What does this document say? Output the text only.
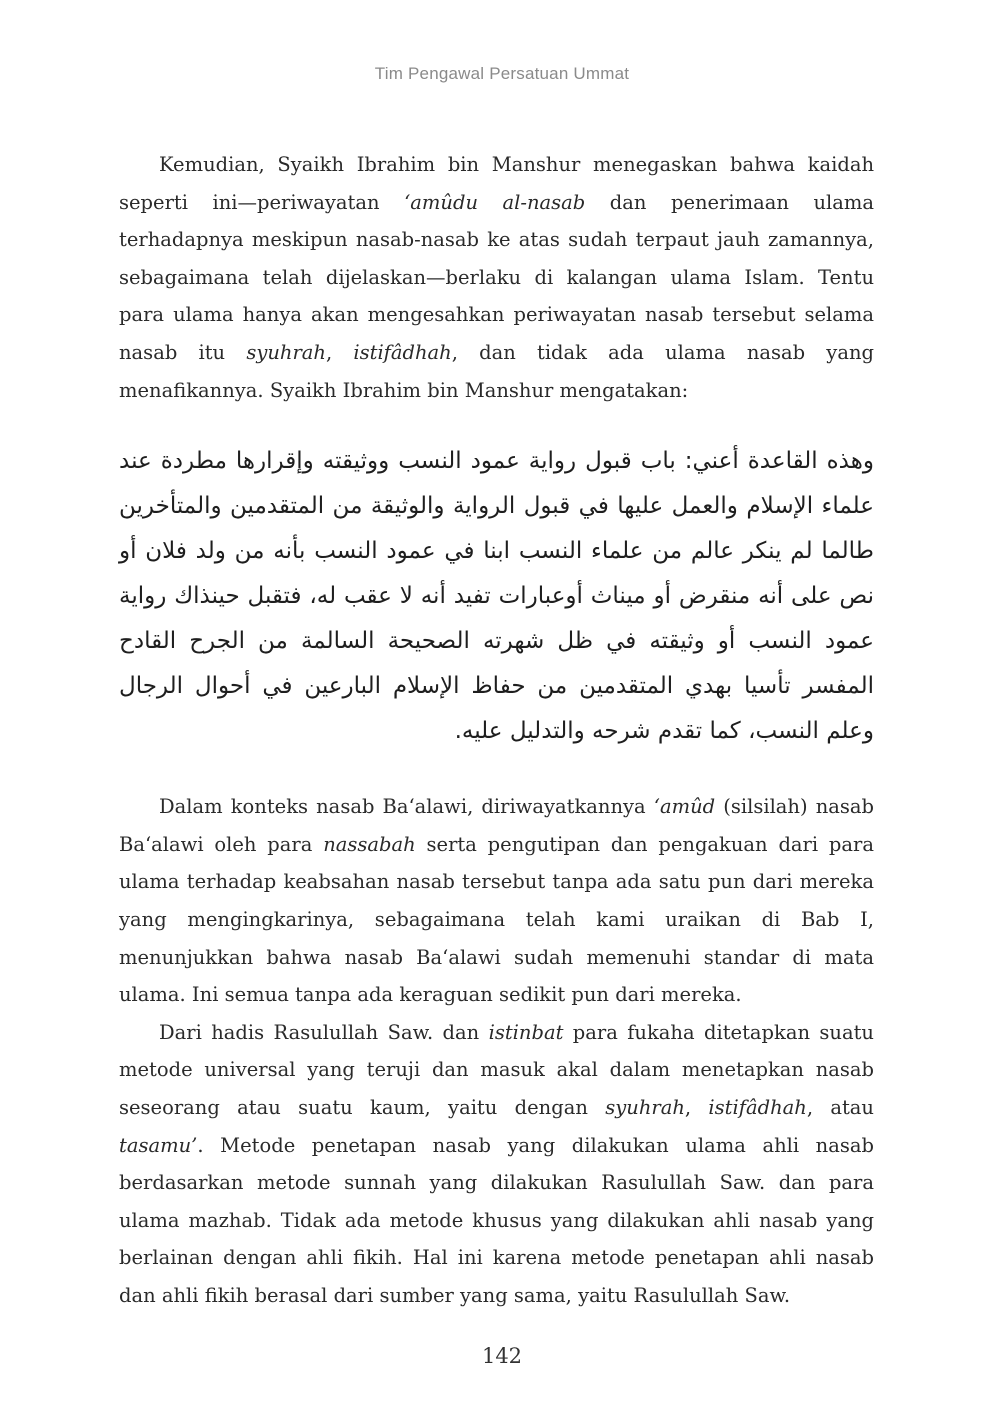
Tim Pengawal Persatuan Ummat

Kemudian, Syaikh Ibrahim bin Manshur menegaskan bahwa kaidah seperti ini—periwayatan ‘amûdu al-nasab dan penerimaan ulama terhadapnya meskipun nasab-nasab ke atas sudah terpaut jauh zamannya, sebagaimana telah dijelaskan—berlaku di kalangan ulama Islam. Tentu para ulama hanya akan mengesahkan periwayatan nasab tersebut selama nasab itu syuhrah, istifâdhah, dan tidak ada ulama nasab yang menafikannya. Syaikh Ibrahim bin Manshur mengatakan:

وهذه القاعدة أعني: باب قبول رواية عمود النسب ووثيقته وإقرارها مطردة عند علماء الإسلام والعمل عليها في قبول الرواية والوثيقة من المتقدمين والمتأخرين طالما لم ينكر عالم من علماء النسب ابنا في عمود النسب بأنه من ولد فلان أو نص على أنه منقرض أو ميناث أوعبارات تفيد أنه لا عقب له، فتقبل حينذاك رواية عمود النسب أو وثيقته في ظل شهرته الصحيحة السالمة من الجرح القادح المفسر تأسيا بهدي المتقدمين من حفاظ الإسلام البارعين في أحوال الرجال وعلم النسب، كما تقدم شرحه والتدليل عليه.

Dalam konteks nasab Ba‘alawi, diriwayatkannya ‘amûd (silsilah) nasab Ba‘alawi oleh para nassabah serta pengutipan dan pengakuan dari para ulama terhadap keabsahan nasab tersebut tanpa ada satu pun dari mereka yang mengingkarinya, sebagaimana telah kami uraikan di Bab I, menunjukkan bahwa nasab Ba‘alawi sudah memenuhi standar di mata ulama. Ini semua tanpa ada keraguan sedikit pun dari mereka.

Dari hadis Rasulullah Saw. dan istinbat para fukaha ditetapkan suatu metode universal yang teruji dan masuk akal dalam menetapkan nasab seseorang atau suatu kaum, yaitu dengan syuhrah, istifâdhah, atau tasamu’. Metode penetapan nasab yang dilakukan ulama ahli nasab berdasarkan metode sunnah yang dilakukan Rasulullah Saw. dan para ulama mazhab. Tidak ada metode khusus yang dilakukan ahli nasab yang berlainan dengan ahli fikih. Hal ini karena metode penetapan ahli nasab dan ahli fikih berasal dari sumber yang sama, yaitu Rasulullah Saw.

142
